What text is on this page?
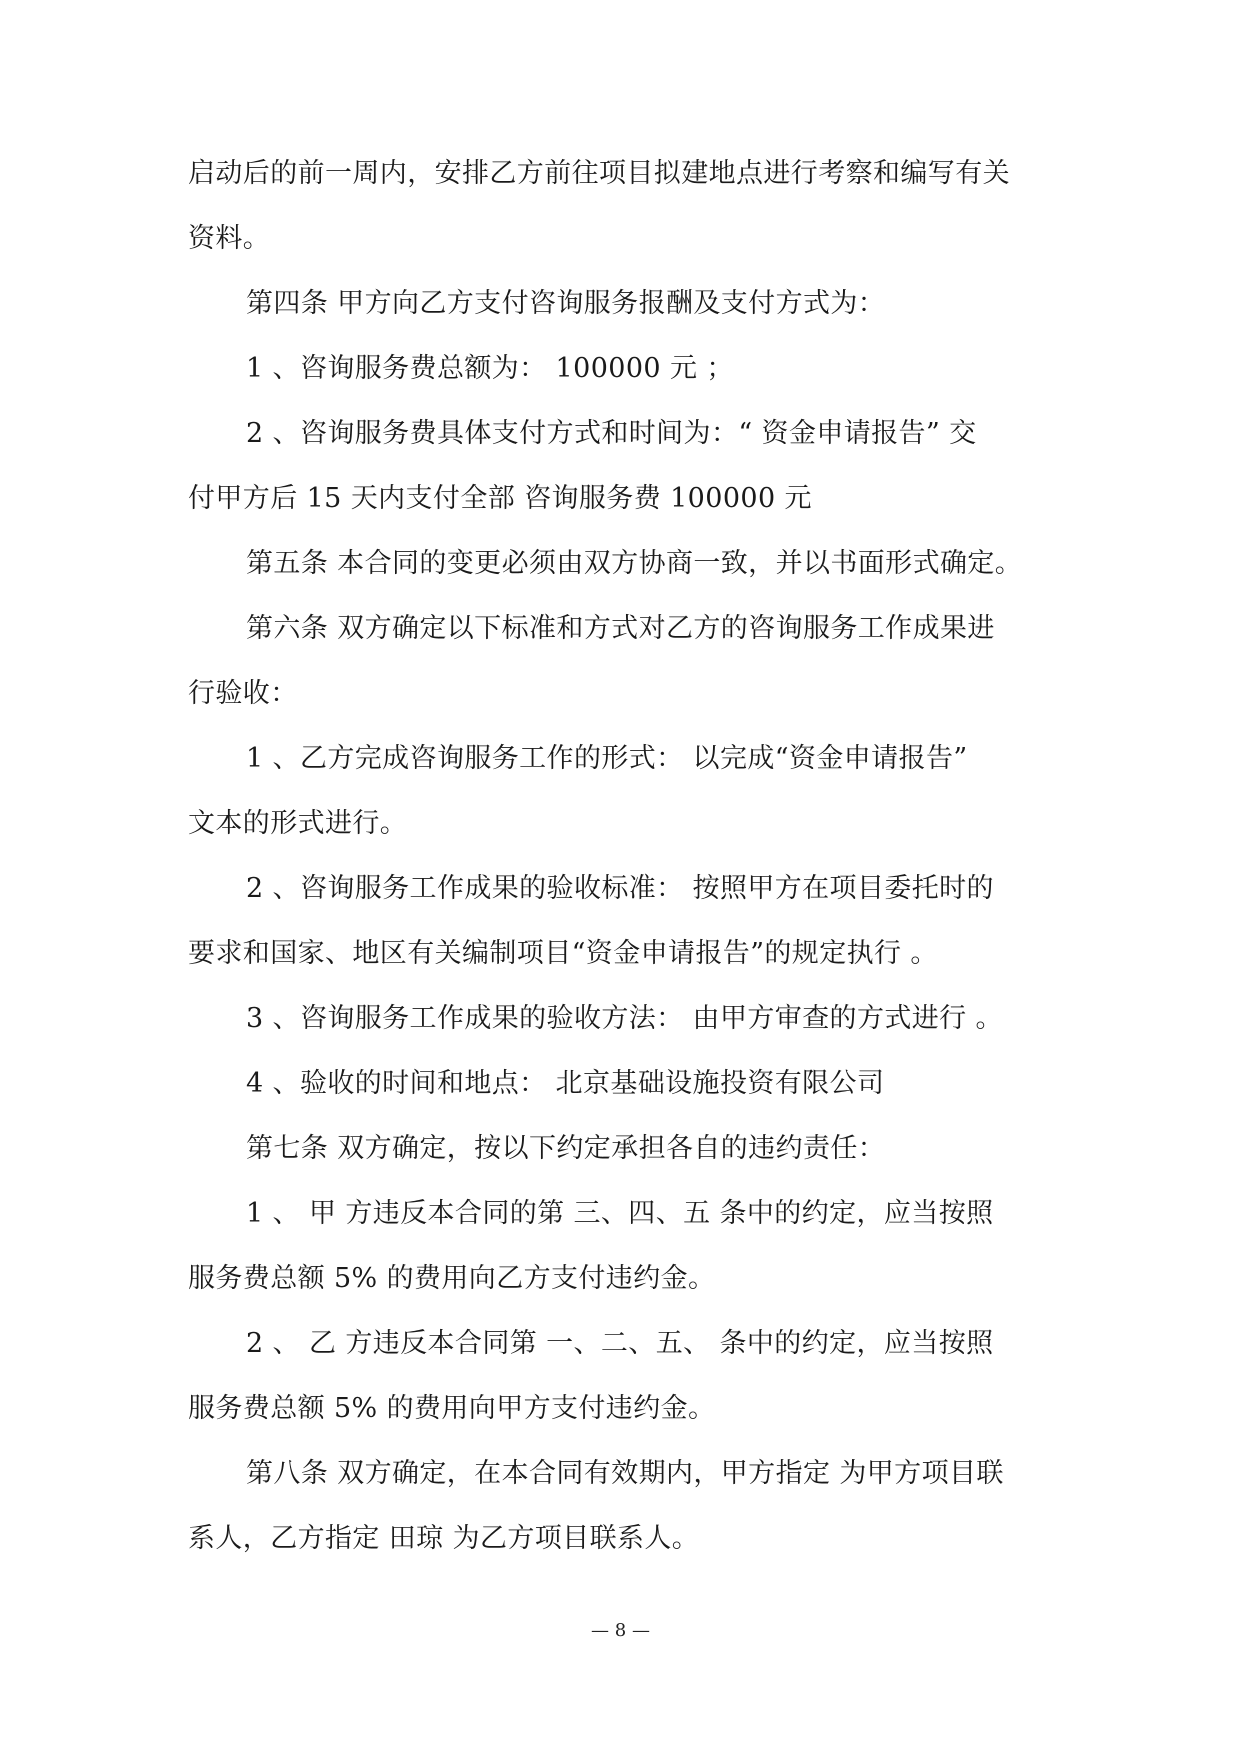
启动后的前一周内，安排乙方前往项目拟建地点进行考察和编写有关

资料。

第四条 甲方向乙方支付咨询服务报酬及支付方式为：

1 、咨询服务费总额为： 100000 元 ；

2 、咨询服务费具体支付方式和时间为：“ 资金申请报告” 交

付甲方后 15 天内支付全部 咨询服务费 100000 元

第五条 本合同的变更必须由双方协商一致，并以书面形式确定。

第六条 双方确定以下标准和方式对乙方的咨询服务工作成果进

行验收：

1 、乙方完成咨询服务工作的形式： 以完成“资金申请报告”

文本的形式进行。

2 、咨询服务工作成果的验收标准： 按照甲方在项目委托时的

要求和国家、地区有关编制项目“资金申请报告”的规定执行 。

3 、咨询服务工作成果的验收方法： 由甲方审查的方式进行 。

4 、验收的时间和地点： 北京基础设施投资有限公司

第七条 双方确定，按以下约定承担各自的违约责任：

1 、 甲 方违反本合同的第 三、四、五 条中的约定，应当按照

服务费总额 5% 的费用向乙方支付违约金。

2 、 乙 方违反本合同第 一、二、五、 条中的约定，应当按照

服务费总额 5% 的费用向甲方支付违约金。

第八条 双方确定，在本合同有效期内，甲方指定 为甲方项目联

系人，乙方指定 田琼 为乙方项目联系人。

— 8 —
